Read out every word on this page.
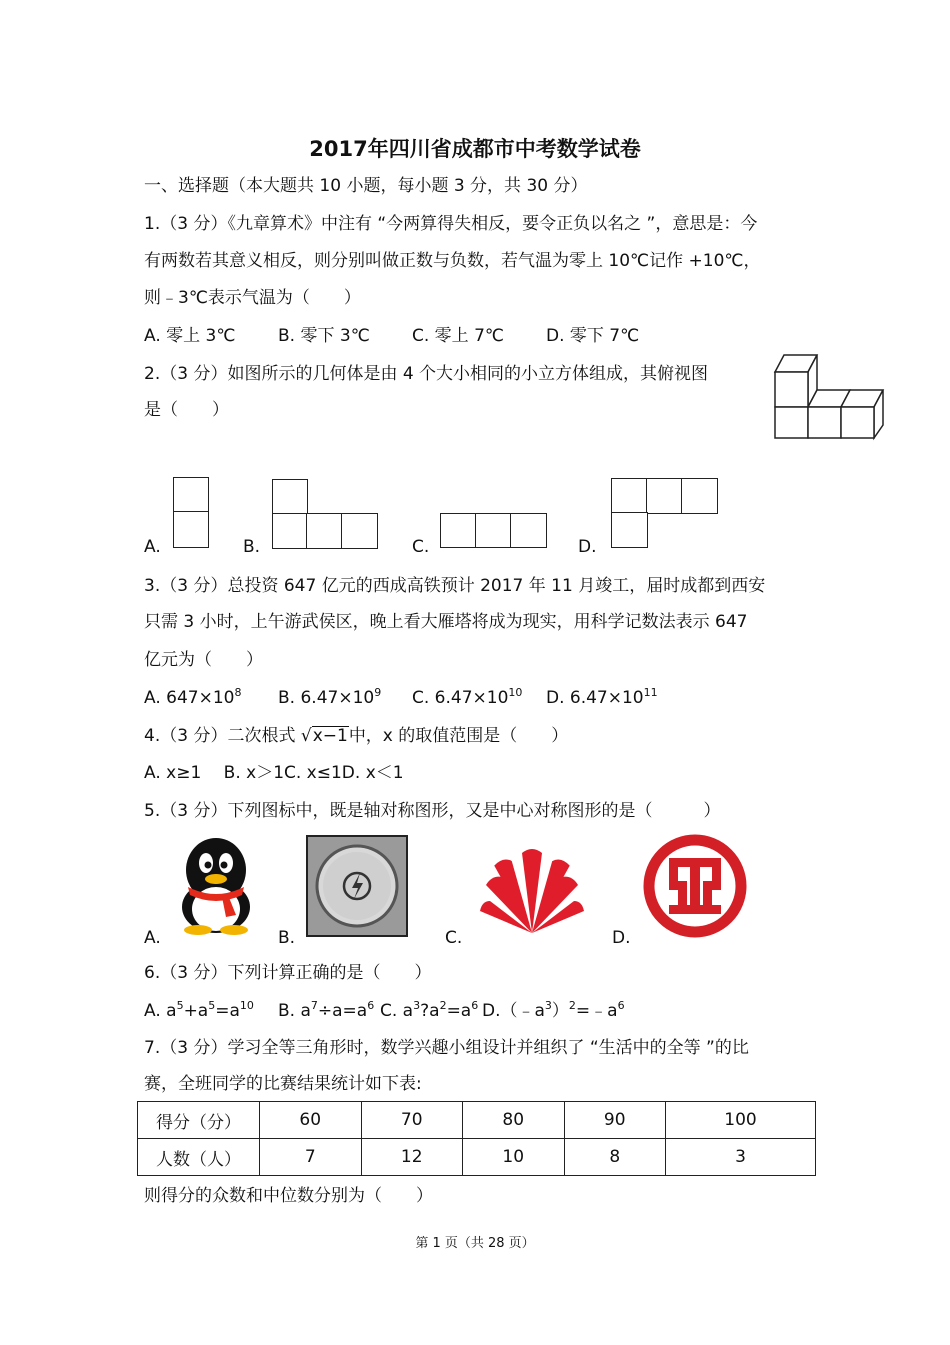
2017年四川省成都市中考数学试卷
一、选择题（本大题共 10 小题，每小题 3 分，共 30 分）
1.（3 分）《九章算术》中注有 “今两算得失相反，要令正负以名之 ”，意思是：今
有两数若其意义相反，则分别叫做正数与负数，若气温为零上 10℃记作 +10℃，
则﹣3℃表示气温为（　　）
A. 零上 3℃	B. 零下 3℃ C. 零上 7℃ D. 零下 7℃
2.（3 分）如图所示的几何体是由 4 个大小相同的小立方体组成，其俯视图
是（　　）
A.	B.	C.	D.
3.（3 分）总投资 647 亿元的西成高铁预计 2017 年 11 月竣工，届时成都到西安
只需 3 小时，上午游武侯区，晚上看大雁塔将成为现实，用科学记数法表示 647
亿元为（　　）
A. $647\times 10^8$ B. $6.47\times 10^9$ C. $6.47\times 10^{10}$ D. $6.47\times 10^{11}$
4.（3 分）二次根式 √x−1中，x 的取值范围是（　　）
A. x≥1　 B. x＞1C. x≤1D. x＜1
5.（3 分）下列图标中，既是轴对称图形，又是中心对称图形的是（　　　）
A.	B.	C.	D.
6.（3 分）下列计算正确的是（　　）
A. $a^5+a^5=a^{10}$ B. $a^7\div a=a^6$ C. $a^3?a^2=a^6$ $D.(﹣a^3)^2=﹣a^6$
7.（3 分）学习全等三角形时，数学兴趣小组设计并组织了 “生活中的全等 ”的比
赛，全班同学的比赛结果统计如下表:
得分（分）	60	70	80	90	100
人数（人）	7	12	10	8	3
则得分的众数和中位数分别为（　　）
第 1 页（共 28 页）
